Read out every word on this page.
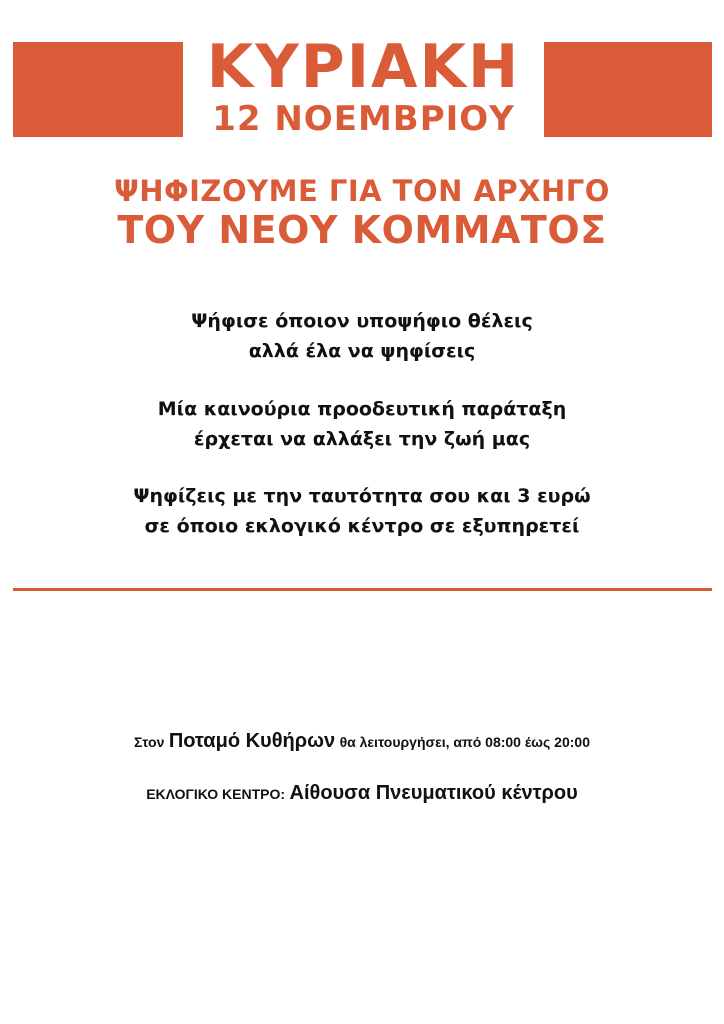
ΚΥΡΙΑΚΗ
12 ΝΟΕΜΒΡΙΟΥ
ΨΗΦΙΖΟΥΜΕ ΓΙΑ ΤΟΝ ΑΡΧΗΓΟ
ΤΟΥ ΝΕΟΥ ΚΟΜΜΑΤΟΣ
Ψήφισε όποιον υποψήφιο θέλεις
αλλά έλα να ψηφίσεις
Μία καινούρια προοδευτική παράταξη
έρχεται να αλλάξει την ζωή μας
Ψηφίζεις με την ταυτότητα σου και 3 ευρώ
σε όποιο εκλογικό κέντρο σε εξυπηρετεί
Στον Ποταμό Κυθήρων θα λειτουργήσει, από 08:00 έως 20:00
ΕΚΛΟΓΙΚΟ ΚΕΝΤΡΟ: Αίθουσα Πνευματικού κέντρου
